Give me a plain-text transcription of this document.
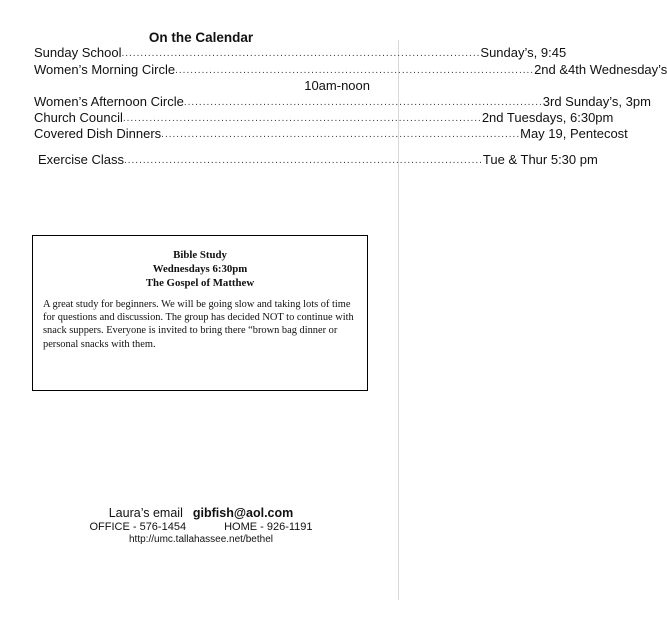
On the Calendar
Sunday School ............................................................................................... Sunday’s, 9:45
Women’s Morning Circle ............................................................................................... 2nd &4th Wednesday’s
10am-noon
Women’s Afternoon Circle ............................................................................................... 3rd Sunday’s, 3pm
Church Council ............................................................................................... 2nd Tuesdays, 6:30pm
Covered Dish Dinners ............................................................................................... May 19, Pentecost
Exercise Class ............................................................................................... Tue & Thur 5:30 pm
Bible Study
Wednesdays 6:30pm
The Gospel of Matthew
A great study for beginners. We will be going slow and taking lots of time for questions and discussion. The group has decided NOT to continue with snack suppers. Everyone is invited to bring there “brown bag dinner or personal snacks with them.
Laura’s email gibfish@aol.com
OFFICE - 576-1454	HOME - 926-1191
http://umc.tallahassee.net/bethel
